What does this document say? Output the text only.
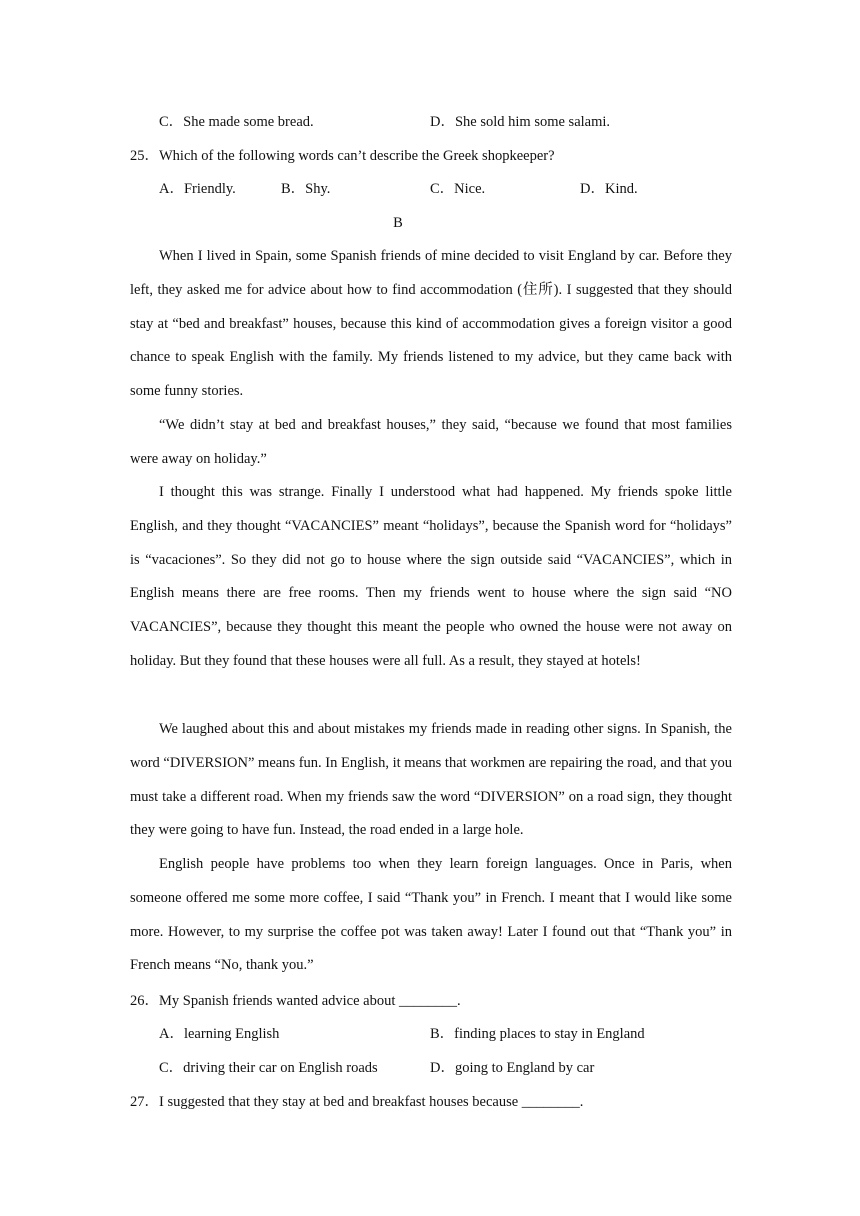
C．She made some bread.	D．She sold him some salami.
25．Which of the following words can’t describe the Greek shopkeeper?
A．Friendly.	B．Shy.	C．Nice.	D．Kind.
B

When I lived in Spain, some Spanish friends of mine decided to visit England by car. Before they left, they asked me for advice about how to find accommodation (住所). I suggested that they should stay at “bed and breakfast” houses, because this kind of accommodation gives a foreign visitor a good chance to speak English with the family. My friends listened to my advice, but they came back with some funny stories.

“We didn’t stay at bed and breakfast houses,” they said, “because we found that most families were away on holiday.”

I thought this was strange. Finally I understood what had happened. My friends spoke little English, and they thought “VACANCIES” meant “holidays”, because the Spanish word for “holidays” is “vacaciones”. So they did not go to house where the sign outside said “VACANCIES”, which in English means there are free rooms. Then my friends went to house where the sign said “NO VACANCIES”, because they thought this meant the people who owned the house were not away on holiday. But they found that these houses were all full. As a result, they stayed at hotels!

We laughed about this and about mistakes my friends made in reading other signs. In Spanish, the word “DIVERSION” means fun. In English, it means that workmen are repairing the road, and that you must take a different road. When my friends saw the word “DIVERSION” on a road sign, they thought they were going to have fun. Instead, the road ended in a large hole.

English people have problems too when they learn foreign languages. Once in Paris, when someone offered me some more coffee, I said “Thank you” in French. I meant that I would like some more. However, to my surprise the coffee pot was taken away! Later I found out that “Thank you” in French means “No, thank you.”

26．My Spanish friends wanted advice about ________.
A．learning English	B．finding places to stay in England
C．driving their car on English roads	D．going to England by car
27．I suggested that they stay at bed and breakfast houses because ________.
